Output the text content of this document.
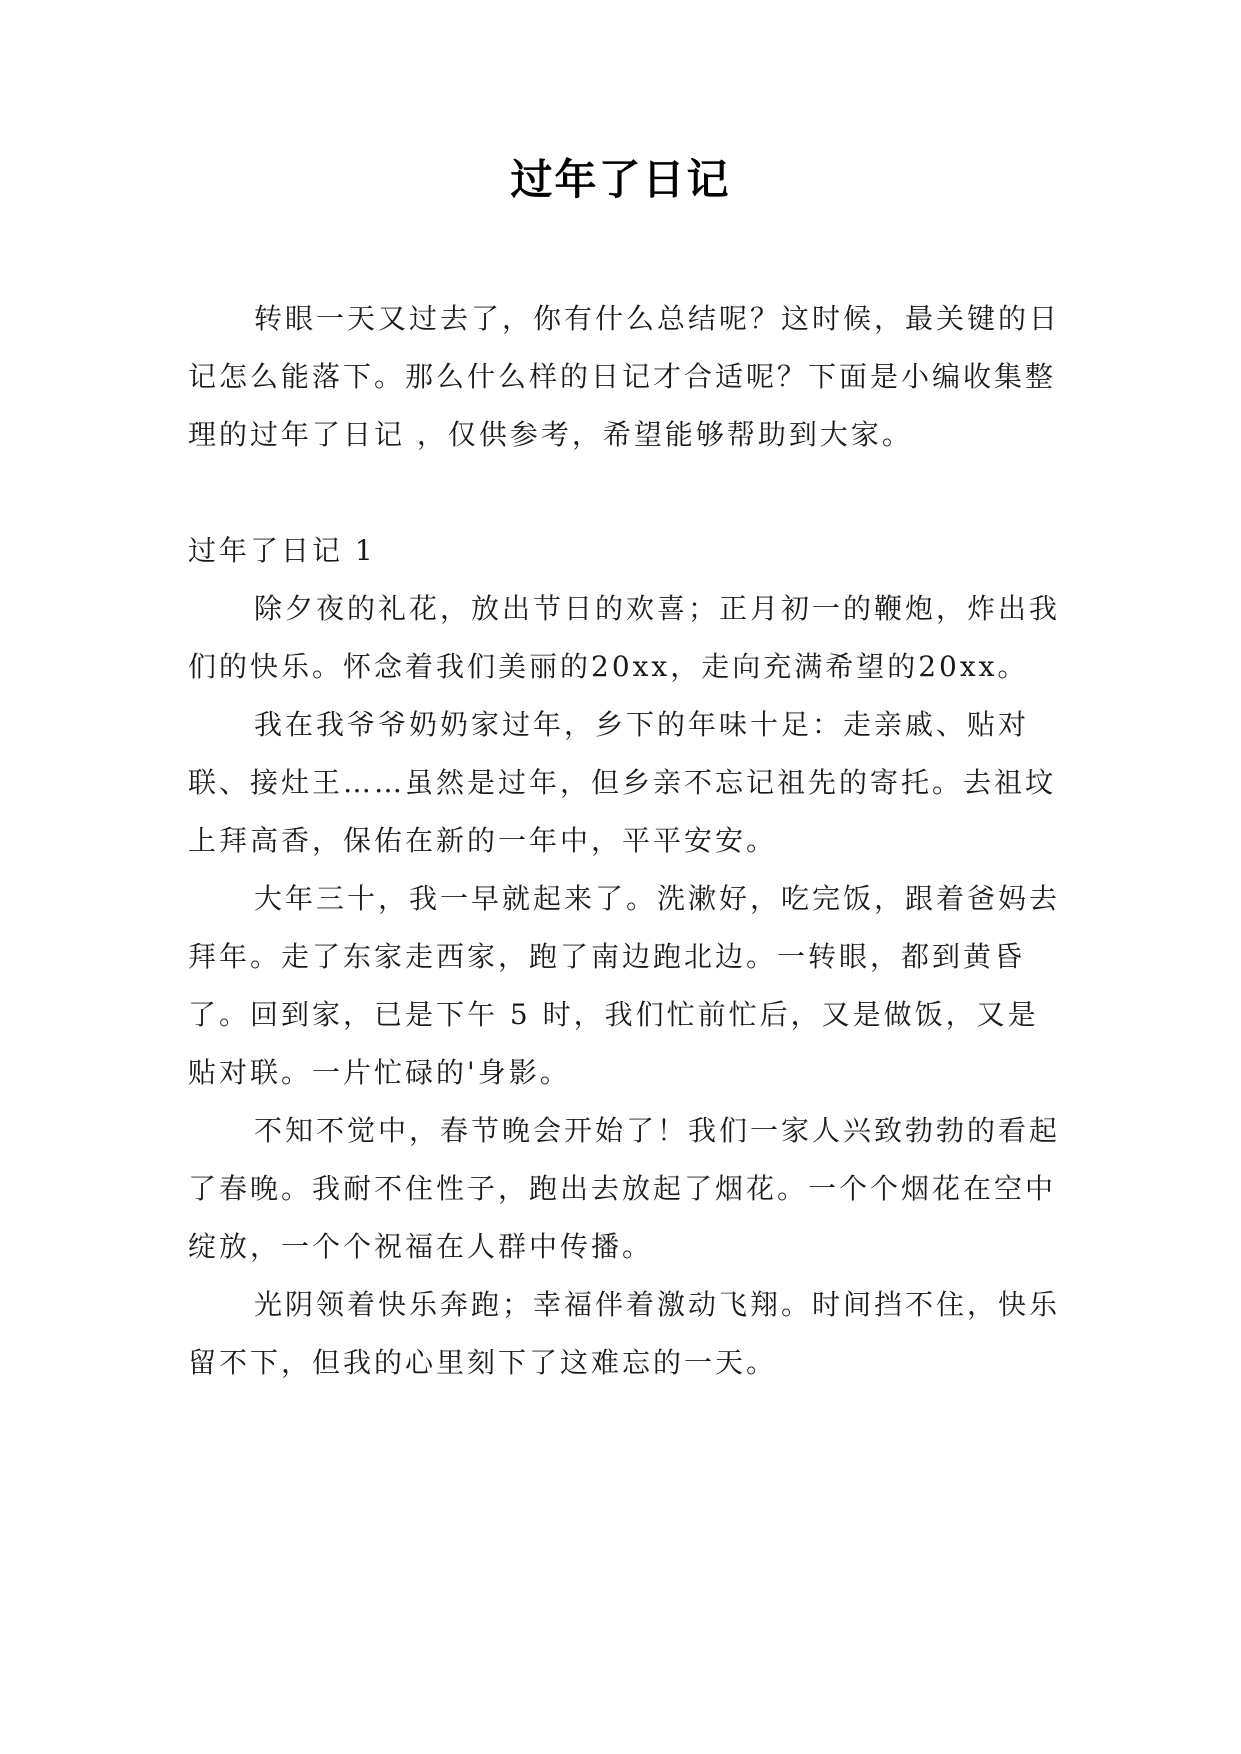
过年了日记

转眼一天又过去了，你有什么总结呢？这时候，最关键的日记怎么能落下。那么什么样的日记才合适呢？下面是小编收集整理的过年了日记 ，仅供参考，希望能够帮助到大家。

过年了日记 1

除夕夜的礼花，放出节日的欢喜；正月初一的鞭炮，炸出我们的快乐。怀念着我们美丽的20xx，走向充满希望的20xx。

我在我爷爷奶奶家过年，乡下的年味十足：走亲戚、贴对联、接灶王……虽然是过年，但乡亲不忘记祖先的寄托。去祖坟上拜高香，保佑在新的一年中，平平安安。

大年三十，我一早就起来了。洗漱好，吃完饭，跟着爸妈去拜年。走了东家走西家，跑了南边跑北边。一转眼，都到黄昏了。回到家，已是下午 5 时，我们忙前忙后，又是做饭，又是贴对联。一片忙碌的'身影。

不知不觉中，春节晚会开始了！我们一家人兴致勃勃的看起了春晚。我耐不住性子，跑出去放起了烟花。一个个烟花在空中绽放，一个个祝福在人群中传播。

光阴领着快乐奔跑；幸福伴着激动飞翔。时间挡不住，快乐留不下，但我的心里刻下了这难忘的一天。
